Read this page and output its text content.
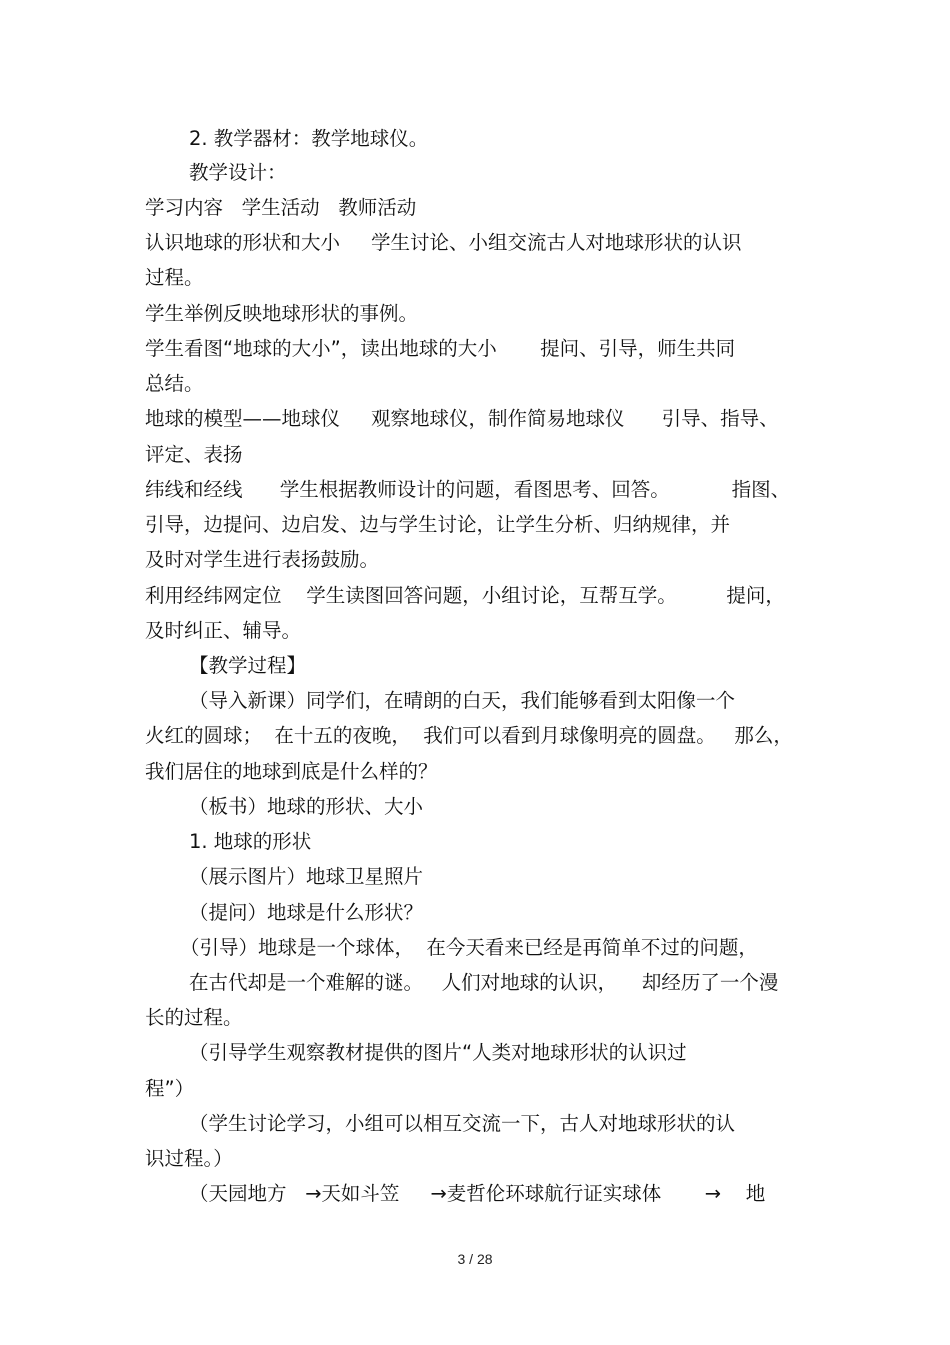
2. 教学器材：教学地球仪。
教学设计：
学习内容   学生活动   教师活动
认识地球的形状和大小     学生讨论、小组交流古人对地球形状的认识
过程。
学生举例反映地球形状的事例。
学生看图“地球的大小”，读出地球的大小       提问、引导，师生共同
总结。
地球的模型——地球仪     观察地球仪，制作简易地球仪      引导、指导、
评定、表扬
纬线和经线      学生根据教师设计的问题，看图思考、回答。          指图、
引导，边提问、边启发、边与学生讨论，让学生分析、归纳规律，并
及时对学生进行表扬鼓励。
利用经纬网定位    学生读图回答问题，小组讨论，互帮互学。        提问，
及时纠正、辅导。
【教学过程】
（导入新课）同学们，在晴朗的白天，我们能够看到太阳像一个
火红的圆球；  在十五的夜晚，  我们可以看到月球像明亮的圆盘。   那么，
我们居住的地球到底是什么样的？
（板书）地球的形状、大小
1. 地球的形状
（展示图片）地球卫星照片
（提问）地球是什么形状？
（引导）地球是一个球体，  在今天看来已经是再简单不过的问题，
在古代却是一个难解的谜。   人们对地球的认识，    却经历了一个漫
长的过程。
（引导学生观察教材提供的图片“人类对地球形状的认识过
程”）
（学生讨论学习，小组可以相互交流一下，古人对地球形状的认
识过程。）
（天园地方   →天如斗笠     →麦哲伦环球航行证实球体       →    地
3 / 28
